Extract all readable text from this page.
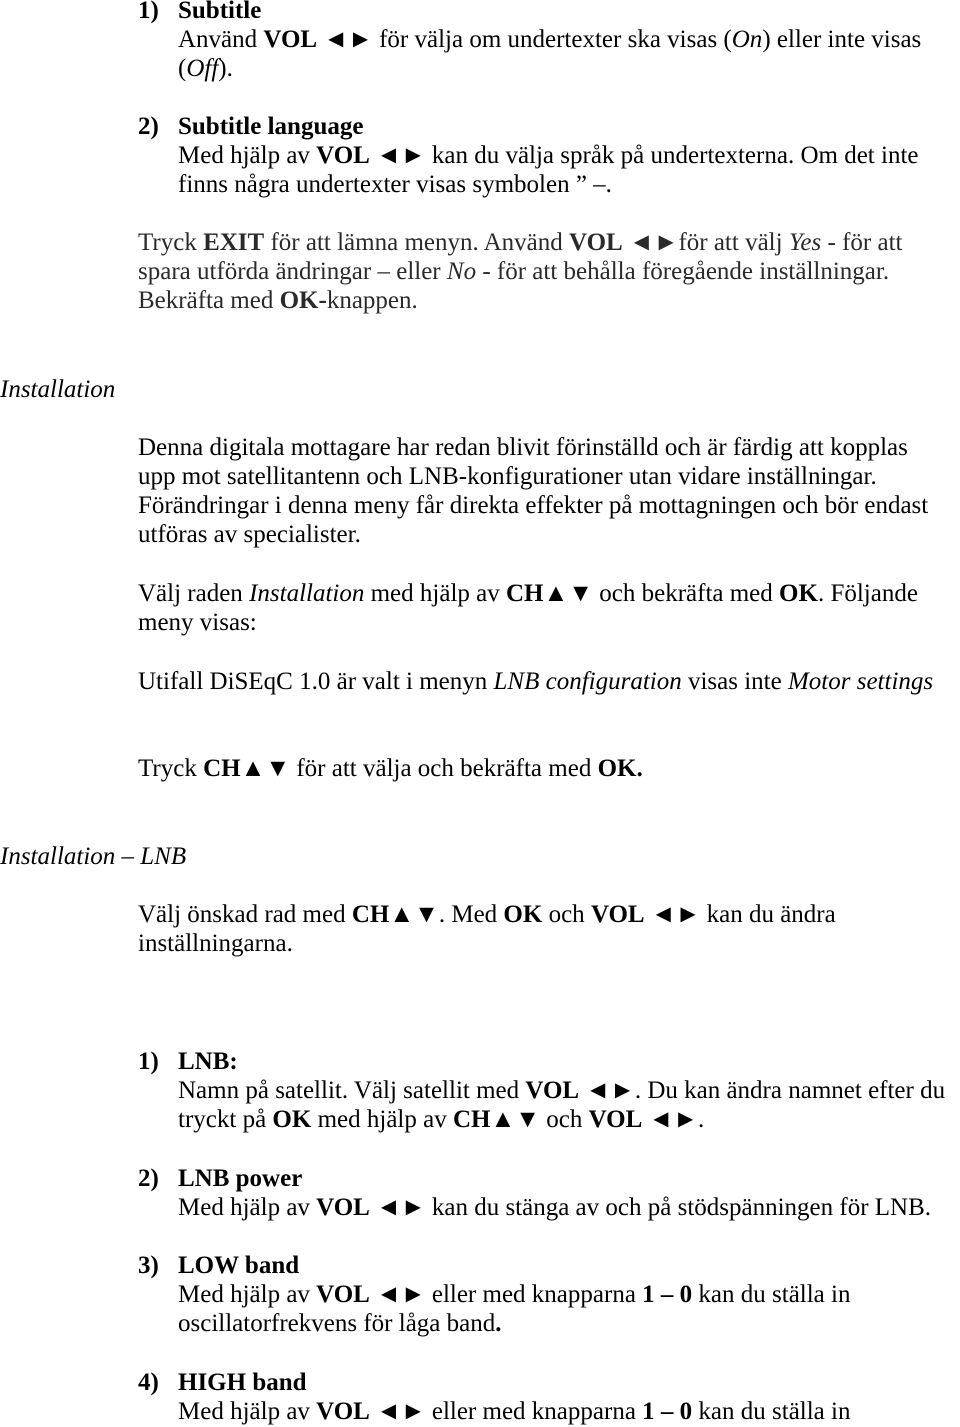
1) Subtitle
Använd VOL ◄► för välja om undertexter ska visas (On) eller inte visas
(Off).
2) Subtitle language
Med hjälp av VOL ◄► kan du välja språk på undertexterna. Om det inte
finns några undertexter visas symbolen ” –.
Tryck EXIT för att lämna menyn. Använd VOL ◄►för att välj Yes - för att
spara utförda ändringar – eller No - för att behålla föregående inställningar.
Bekräfta med OK-knappen.
Installation
Denna digitala mottagare har redan blivit förinställd och är färdig att kopplas
upp mot satellitantenn och LNB-konfigurationer utan vidare inställningar.
Förändringar i denna meny får direkta effekter på mottagningen och bör endast
utföras av specialister.
Välj raden Installation med hjälp av CH▲▼ och bekräfta med OK. Följande
meny visas:
Utifall DiSEqC 1.0 är valt i menyn LNB configuration visas inte Motor settings
Tryck CH▲▼ för att välja och bekräfta med OK.
Installation – LNB
Välj önskad rad med CH▲▼. Med OK och VOL ◄► kan du ändra
inställningarna.
1) LNB:
Namn på satellit. Välj satellit med VOL ◄►. Du kan ändra namnet efter du
tryckt på OK med hjälp av CH▲▼ och VOL ◄►.
2) LNB power
Med hjälp av VOL ◄► kan du stänga av och på stödspänningen för LNB.
3) LOW band
Med hjälp av VOL ◄► eller med knapparna 1 – 0 kan du ställa in
oscillatorfrekvens för låga band.
4) HIGH band
Med hjälp av VOL ◄► eller med knapparna 1 – 0 kan du ställa in
